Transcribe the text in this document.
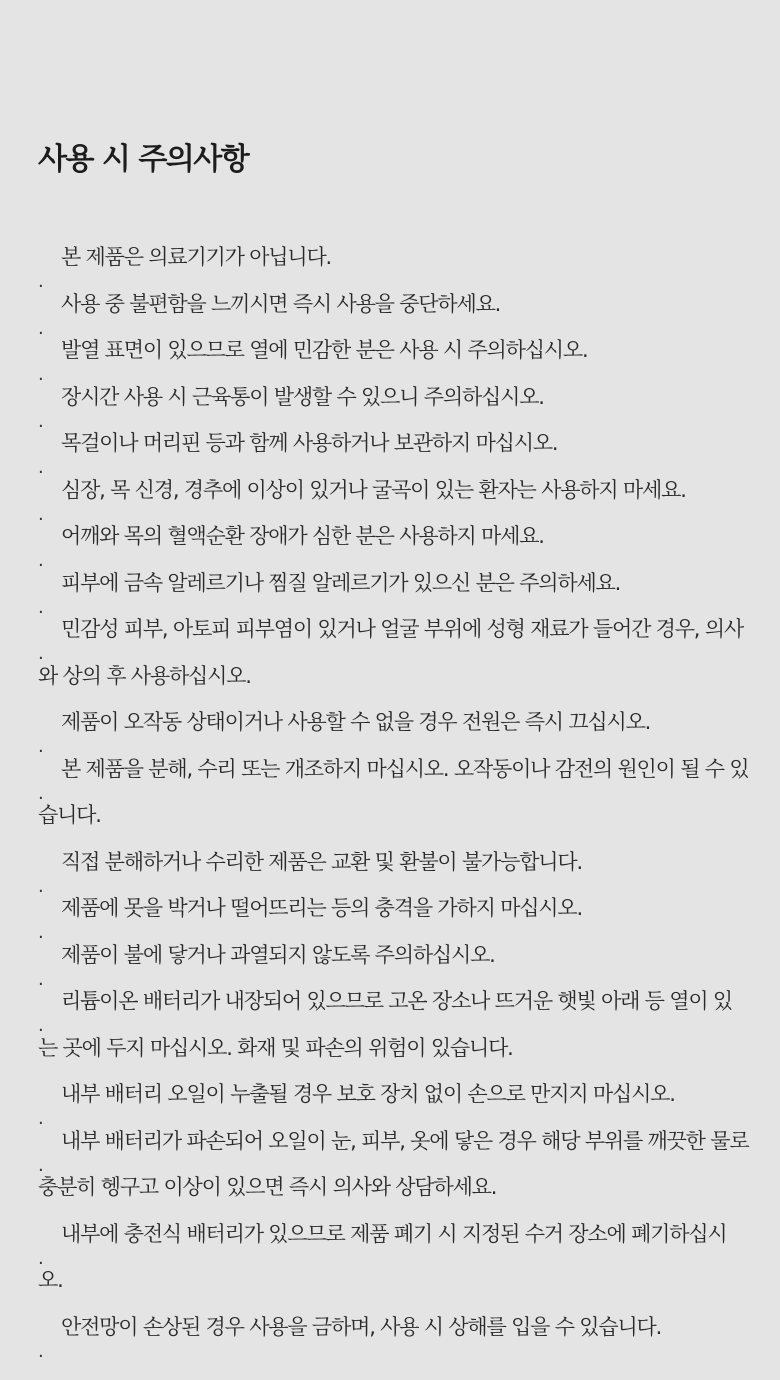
사용 시 주의사항
·
본 제품은 의료기기가 아닙니다.
·
사용 중 불편함을 느끼시면 즉시 사용을 중단하세요.
·
발열 표면이 있으므로 열에 민감한 분은 사용 시 주의하십시오.
·
장시간 사용 시 근육통이 발생할 수 있으니 주의하십시오.
·
목걸이나 머리핀 등과 함께 사용하거나 보관하지 마십시오.
·
심장, 목 신경, 경추에 이상이 있거나 굴곡이 있는 환자는 사용하지 마세요.
·
어깨와 목의 혈액순환 장애가 심한 분은 사용하지 마세요.
·
피부에 금속 알레르기나 찜질 알레르기가 있으신 분은 주의하세요.
·
민감성 피부, 아토피 피부염이 있거나 얼굴 부위에 성형 재료가 들어간 경우, 의사와 상의 후 사용하십시오.
·
제품이 오작동 상태이거나 사용할 수 없을 경우 전원은 즉시 끄십시오.
·
본 제품을 분해, 수리 또는 개조하지 마십시오. 오작동이나 감전의 원인이 될 수 있습니다.
·
직접 분해하거나 수리한 제품은 교환 및 환불이 불가능합니다.
·
제품에 못을 박거나 떨어뜨리는 등의 충격을 가하지 마십시오.
·
제품이 불에 닿거나 과열되지 않도록 주의하십시오.
·
리튬이온 배터리가 내장되어 있으므로 고온 장소나 뜨거운 햇빛 아래 등 열이 있는 곳에 두지 마십시오. 화재 및 파손의 위험이 있습니다.
·
내부 배터리 오일이 누출될 경우 보호 장치 없이 손으로 만지지 마십시오.
·
내부 배터리가 파손되어 오일이 눈, 피부, 옷에 닿은 경우 해당 부위를 깨끗한 물로 충분히 헹구고 이상이 있으면 즉시 의사와 상담하세요.
·
내부에 충전식 배터리가 있으므로 제품 폐기 시 지정된 수거 장소에 폐기하십시오.
·
안전망이 손상된 경우 사용을 금하며, 사용 시 상해를 입을 수 있습니다.
